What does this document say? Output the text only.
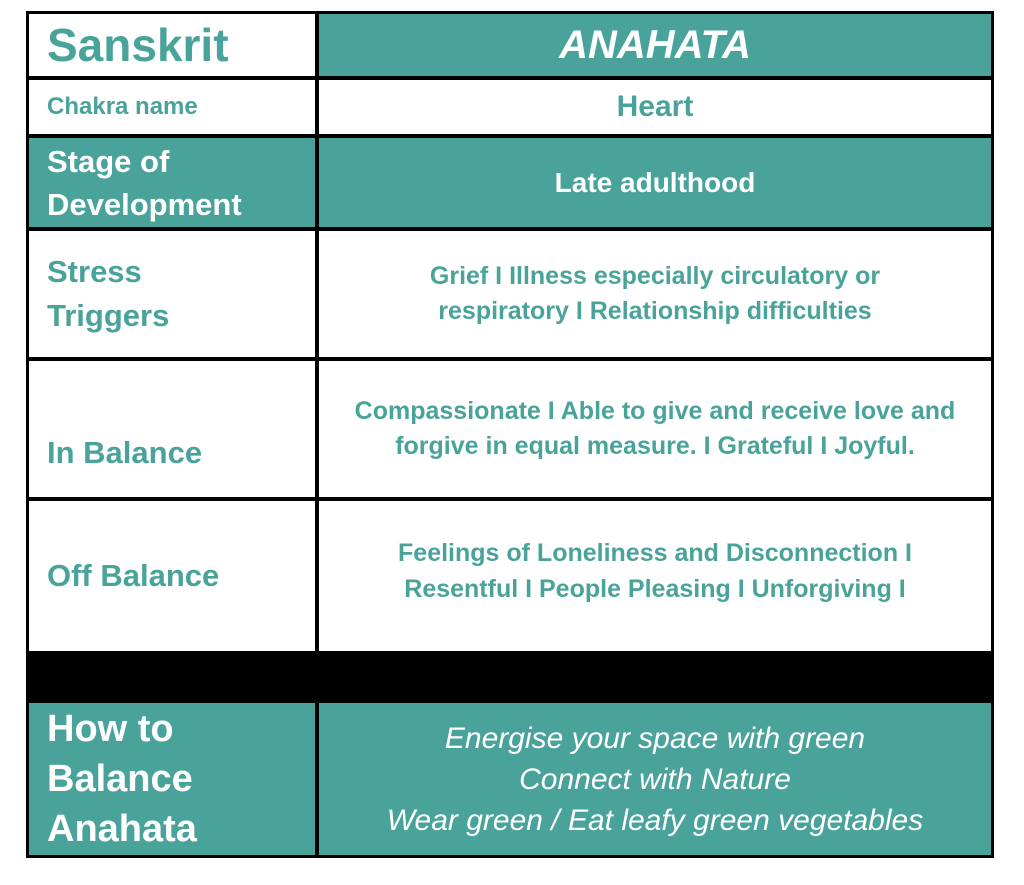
Sanskrit	ANAHATA
Chakra name	Heart
Stage of Development
Late adulthood
Stress Triggers
Grief I Illness especially circulatory or respiratory I Relationship difficulties
In Balance
Compassionate I Able to give and receive love and forgive in equal measure. I Grateful I Joyful.
Off Balance
Feelings of Loneliness and Disconnection I Resentful I People Pleasing I Unforgiving I
How to Balance Anahata
Energise your space with green
Connect with Nature
Wear green / Eat leafy green vegetables
